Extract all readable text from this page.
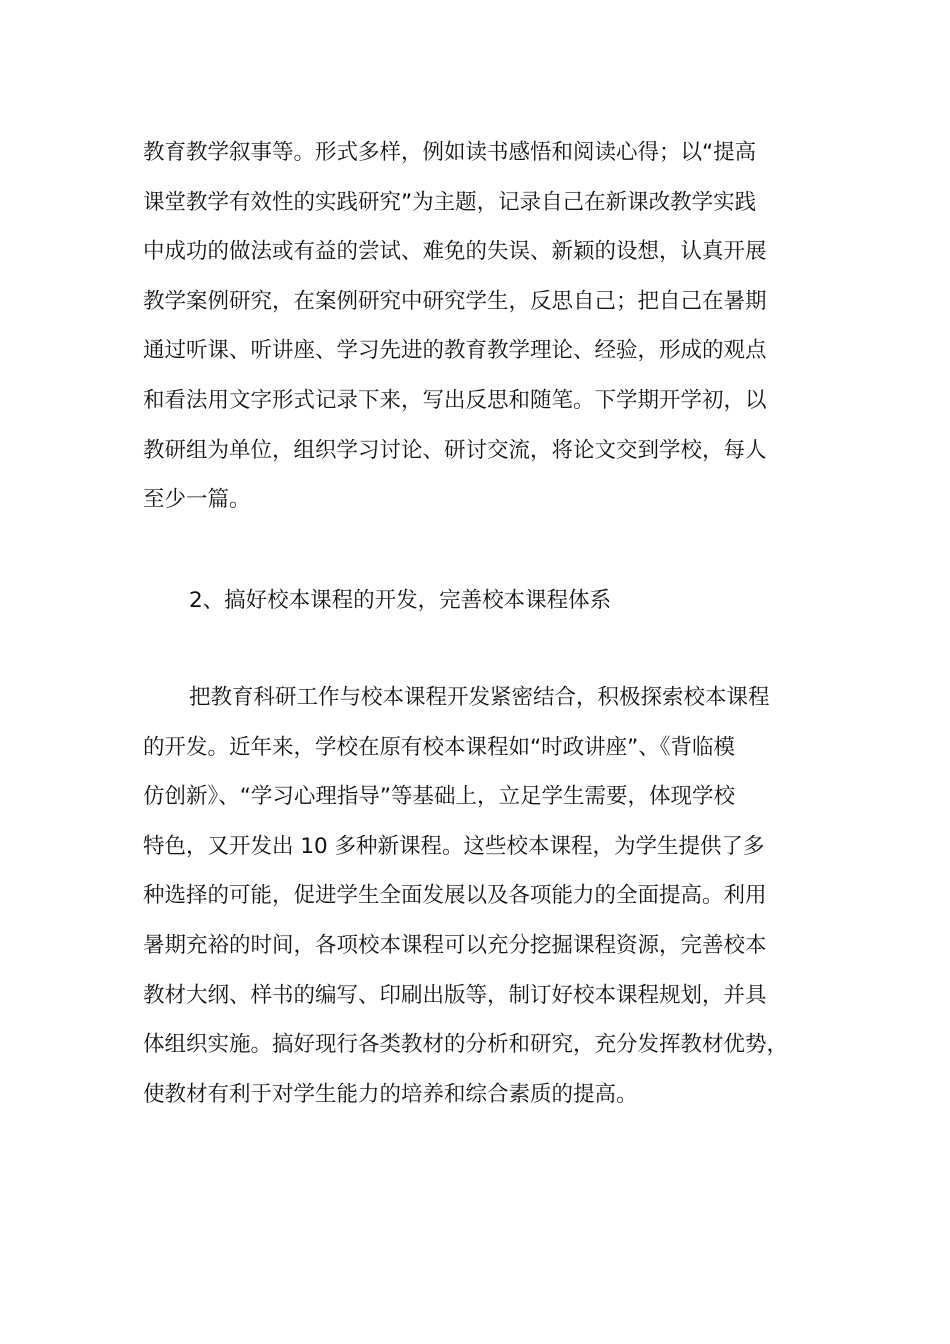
教育教学叙事等。形式多样，例如读书感悟和阅读心得；以“提高
课堂教学有效性的实践研究”为主题，记录自己在新课改教学实践
中成功的做法或有益的尝试、难免的失误、新颖的设想，认真开展
教学案例研究，在案例研究中研究学生，反思自己；把自己在暑期
通过听课、听讲座、学习先进的教育教学理论、经验，形成的观点
和看法用文字形式记录下来，写出反思和随笔。下学期开学初，以
教研组为单位，组织学习讨论、研讨交流，将论文交到学校，每人
至少一篇。
2、搞好校本课程的开发，完善校本课程体系
把教育科研工作与校本课程开发紧密结合，积极探索校本课程
的开发。近年来，学校在原有校本课程如“时政讲座”、《背临模
仿创新》、“学习心理指导”等基础上，立足学生需要，体现学校
特色，又开发出 10 多种新课程。这些校本课程，为学生提供了多
种选择的可能，促进学生全面发展以及各项能力的全面提高。利用
暑期充裕的时间，各项校本课程可以充分挖掘课程资源，完善校本
教材大纲、样书的编写、印刷出版等，制订好校本课程规划，并具
体组织实施。搞好现行各类教材的分析和研究，充分发挥教材优势，
使教材有利于对学生能力的培养和综合素质的提高。
